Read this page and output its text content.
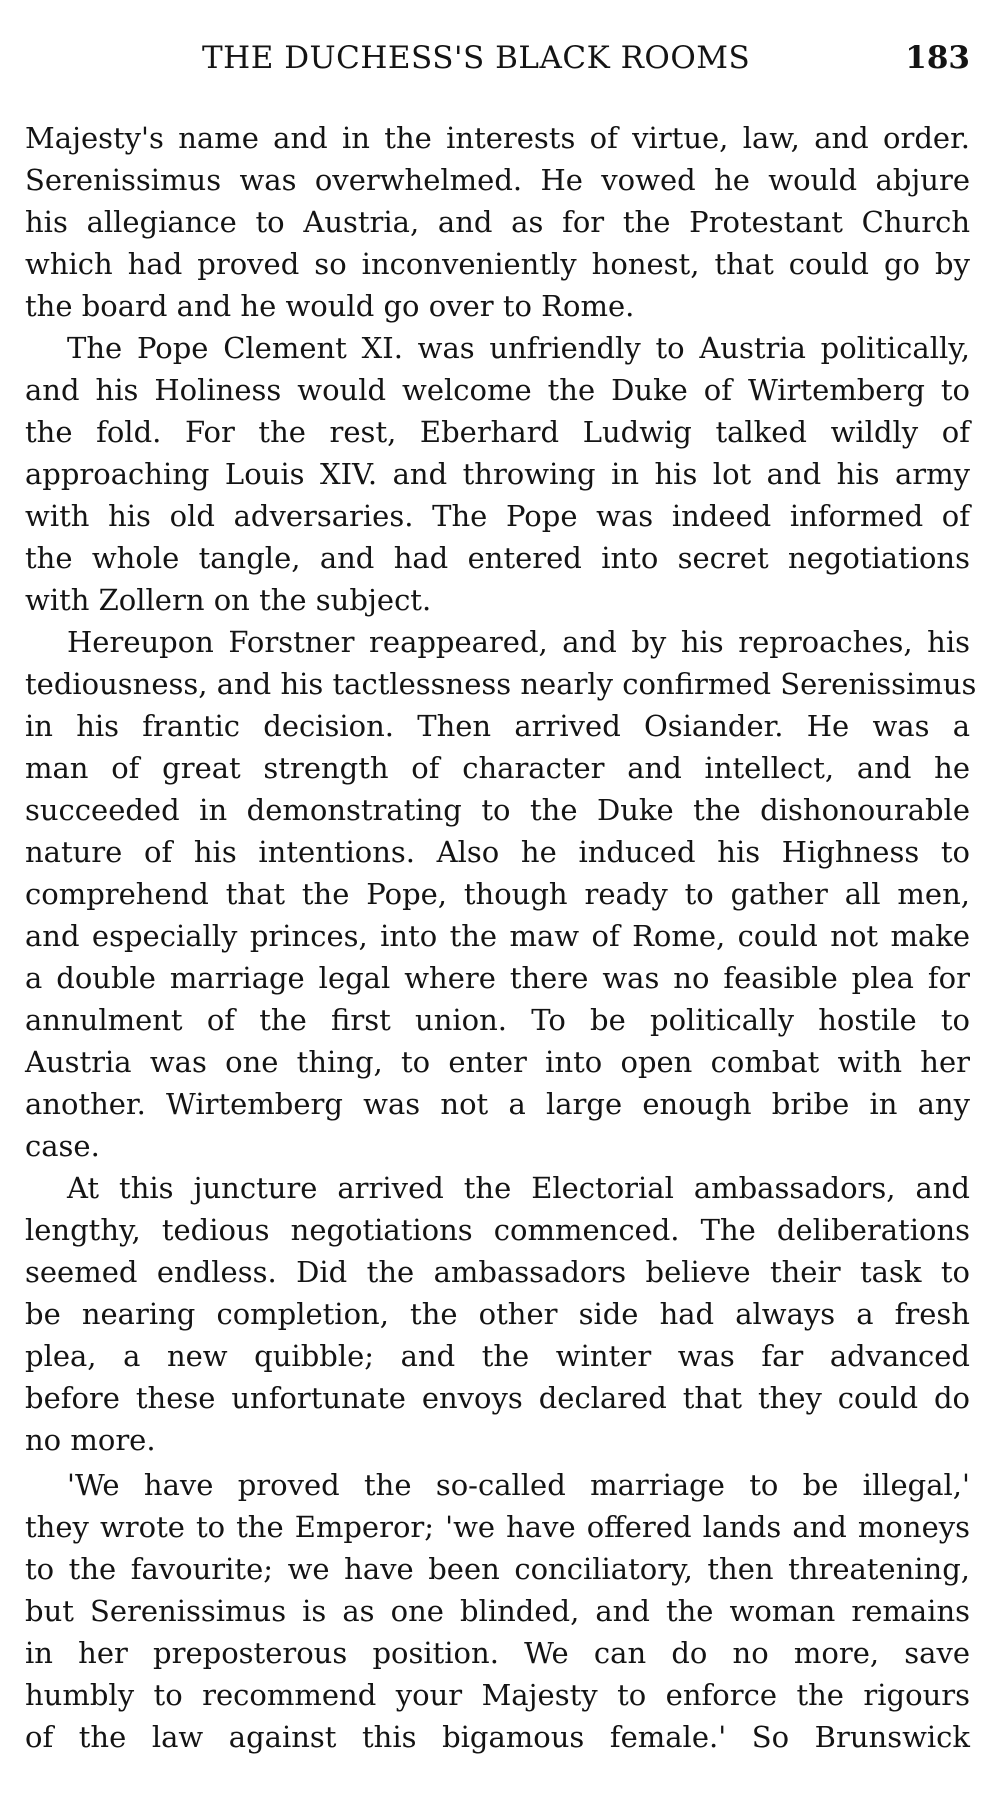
THE DUCHESS'S BLACK ROOMS	183
Majesty's name and in the interests of virtue, law, and order.
Serenissimus was overwhelmed. He vowed he would abjure
his allegiance to Austria, and as for the Protestant Church
which had proved so inconveniently honest, that could go by
the board and he would go over to Rome.
The Pope Clement XI. was unfriendly to Austria politically,
and his Holiness would welcome the Duke of Wirtemberg to
the fold. For the rest, Eberhard Ludwig talked wildly of
approaching Louis XIV. and throwing in his lot and his army
with his old adversaries. The Pope was indeed informed of
the whole tangle, and had entered into secret negotiations
with Zollern on the subject.
Hereupon Forstner reappeared, and by his reproaches, his
tediousness, and his tactlessness nearly confirmed Serenissimus
in his frantic decision. Then arrived Osiander. He was a
man of great strength of character and intellect, and he
succeeded in demonstrating to the Duke the dishonourable
nature of his intentions. Also he induced his Highness to
comprehend that the Pope, though ready to gather all men,
and especially princes, into the maw of Rome, could not make
a double marriage legal where there was no feasible plea for
annulment of the first union. To be politically hostile to
Austria was one thing, to enter into open combat with her
another. Wirtemberg was not a large enough bribe in any
case.
At this juncture arrived the Electorial ambassadors, and
lengthy, tedious negotiations commenced. The deliberations
seemed endless. Did the ambassadors believe their task to
be nearing completion, the other side had always a fresh
plea, a new quibble; and the winter was far advanced
before these unfortunate envoys declared that they could do
no more.
'We have proved the so-called marriage to be illegal,'
they wrote to the Emperor; 'we have offered lands and moneys
to the favourite; we have been conciliatory, then threatening,
but Serenissimus is as one blinded, and the woman remains
in her preposterous position. We can do no more, save
humbly to recommend your Majesty to enforce the rigours
of the law against this bigamous female.' So Brunswick
